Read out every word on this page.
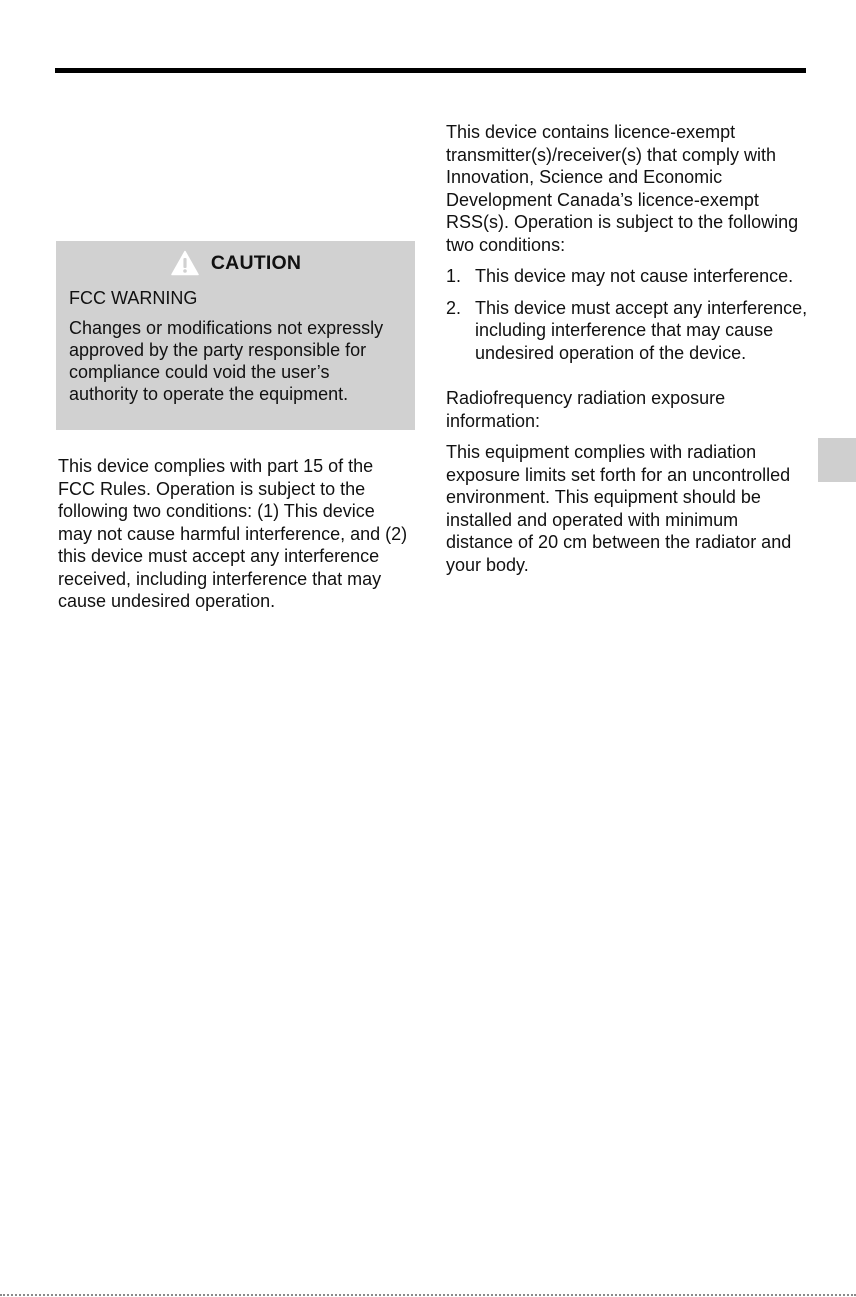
CAUTION

FCC WARNING

Changes or modifications not expressly approved by the party responsible for compliance could void the user’s authority to operate the equipment.

This device complies with part 15 of the FCC Rules. Operation is subject to the following two conditions: (1) This device may not cause harmful interference, and (2) this device must accept any interference received, including interference that may cause undesired operation.

This device contains licence-exempt transmitter(s)/receiver(s) that comply with Innovation, Science and Economic Development Canada’s licence-exempt RSS(s). Operation is subject to the following two conditions:

1. This device may not cause interference.
2. This device must accept any interference, including interference that may cause undesired operation of the device.

Radiofrequency radiation exposure information:

This equipment complies with radiation exposure limits set forth for an uncontrolled environment. This equipment should be installed and operated with minimum distance of 20 cm between the radiator and your body.
